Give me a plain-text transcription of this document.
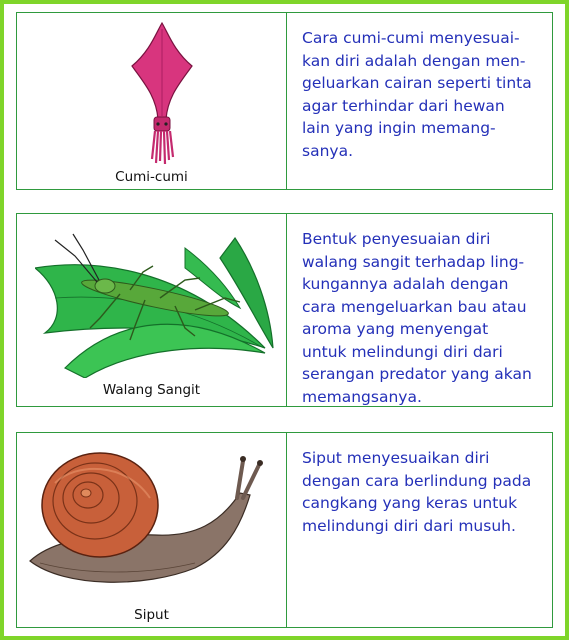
Cumi-cumi
Cara cumi-cumi menyesuai-
kan diri adalah dengan men-
geluarkan cairan seperti tinta
agar terhindar dari hewan
lain yang ingin memang-
sanya.
Walang Sangit
Bentuk penyesuaian diri
walang sangit terhadap ling-
kungannya adalah dengan
cara mengeluarkan bau atau
aroma yang menyengat
untuk melindungi diri dari
serangan predator yang akan
memangsanya.
Siput
Siput menyesuaikan diri
dengan cara berlindung pada
cangkang yang keras untuk
melindungi diri dari musuh.
